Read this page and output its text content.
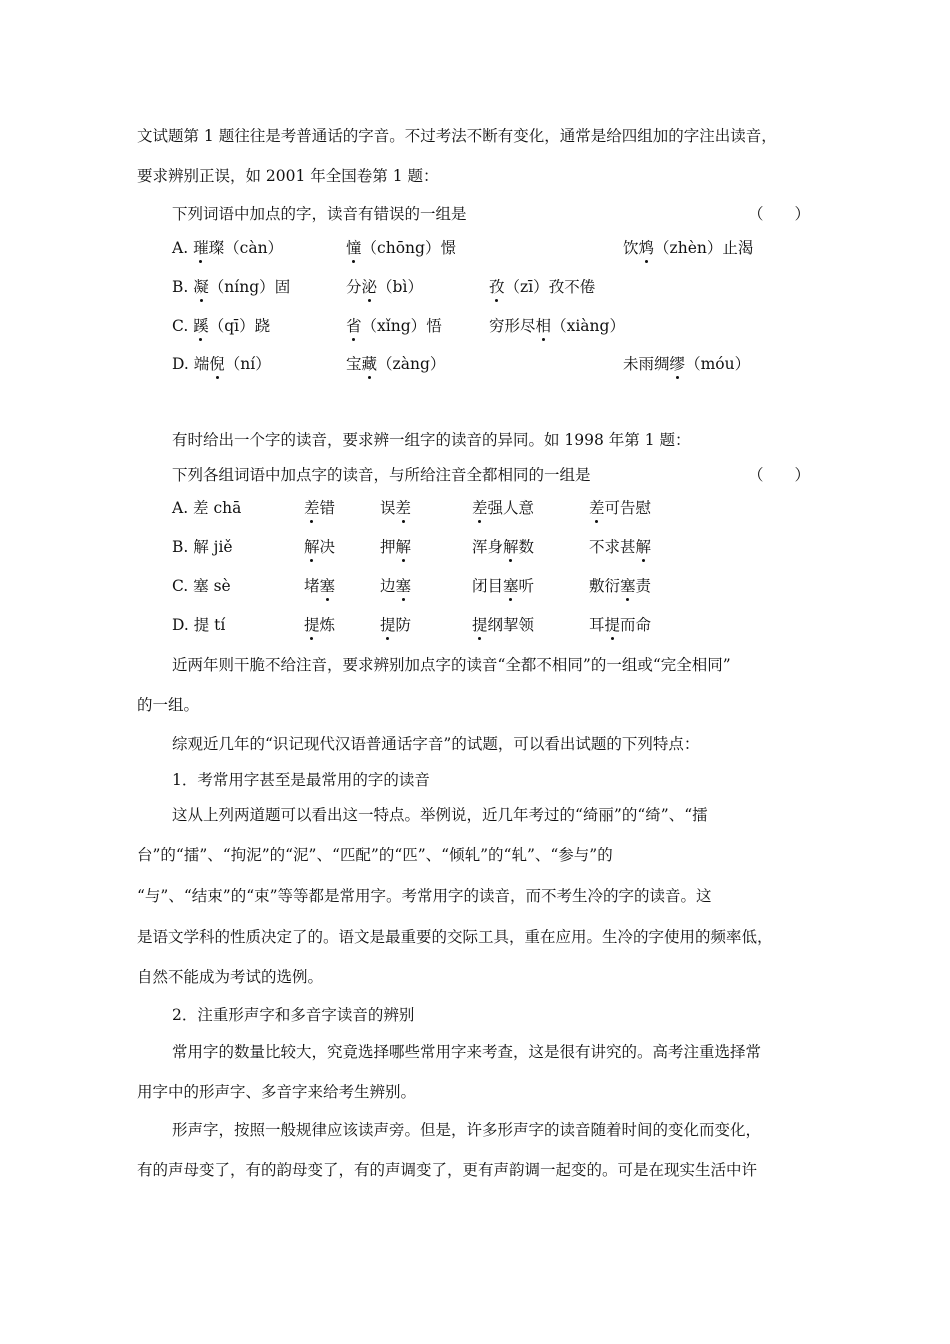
文试题第 1 题往往是考普通话的字音。不过考法不断有变化，通常是给四组加的字注出读音，
要求辨别正误，如 2001 年全国卷第 1 题：
下列词语中加点的字，读音有错误的一组是	（　　）
A. 璀璨（càn）	憧（chōng）憬	饮鸩（zhèn）止渴
B. 凝（níng）固	分泌（bì）	孜（zī）孜不倦
C. 蹊（qī）跷	省（xǐng）悟	穷形尽相（xiàng）
D. 端倪（ní）	宝藏（zàng）	未雨绸缪（móu）
有时给出一个字的读音，要求辨一组字的读音的异同。如 1998 年第 1 题：
下列各组词语中加点字的读音，与所给注音全都相同的一组是	（　　）
A. 差 chā	差错	误差	差强人意	差可告慰
B. 解 jiě	解决	押解	浑身解数	不求甚解
C. 塞 sè	堵塞	边塞	闭目塞听	敷衍塞责
D. 提 tí	提炼	提防	提纲挈领	耳提而命
近两年则干脆不给注音，要求辨别加点字的读音“全都不相同”的一组或“完全相同”
的一组。
综观近几年的“识记现代汉语普通话字音”的试题，可以看出试题的下列特点：
1．考常用字甚至是最常用的字的读音
这从上列两道题可以看出这一特点。举例说，近几年考过的“绮丽”的“绮”、“擂
台”的“擂”、“拘泥”的“泥”、“匹配”的“匹”、“倾轧”的“轧”、“参与”的
“与”、“结束”的“束”等等都是常用字。考常用字的读音，而不考生冷的字的读音。这
是语文学科的性质决定了的。语文是最重要的交际工具，重在应用。生冷的字使用的频率低，
自然不能成为考试的选例。
2．注重形声字和多音字读音的辨别
常用字的数量比较大，究竟选择哪些常用字来考查，这是很有讲究的。高考注重选择常
用字中的形声字、多音字来给考生辨别。
形声字，按照一般规律应该读声旁。但是，许多形声字的读音随着时间的变化而变化，
有的声母变了，有的韵母变了，有的声调变了，更有声韵调一起变的。可是在现实生活中许
